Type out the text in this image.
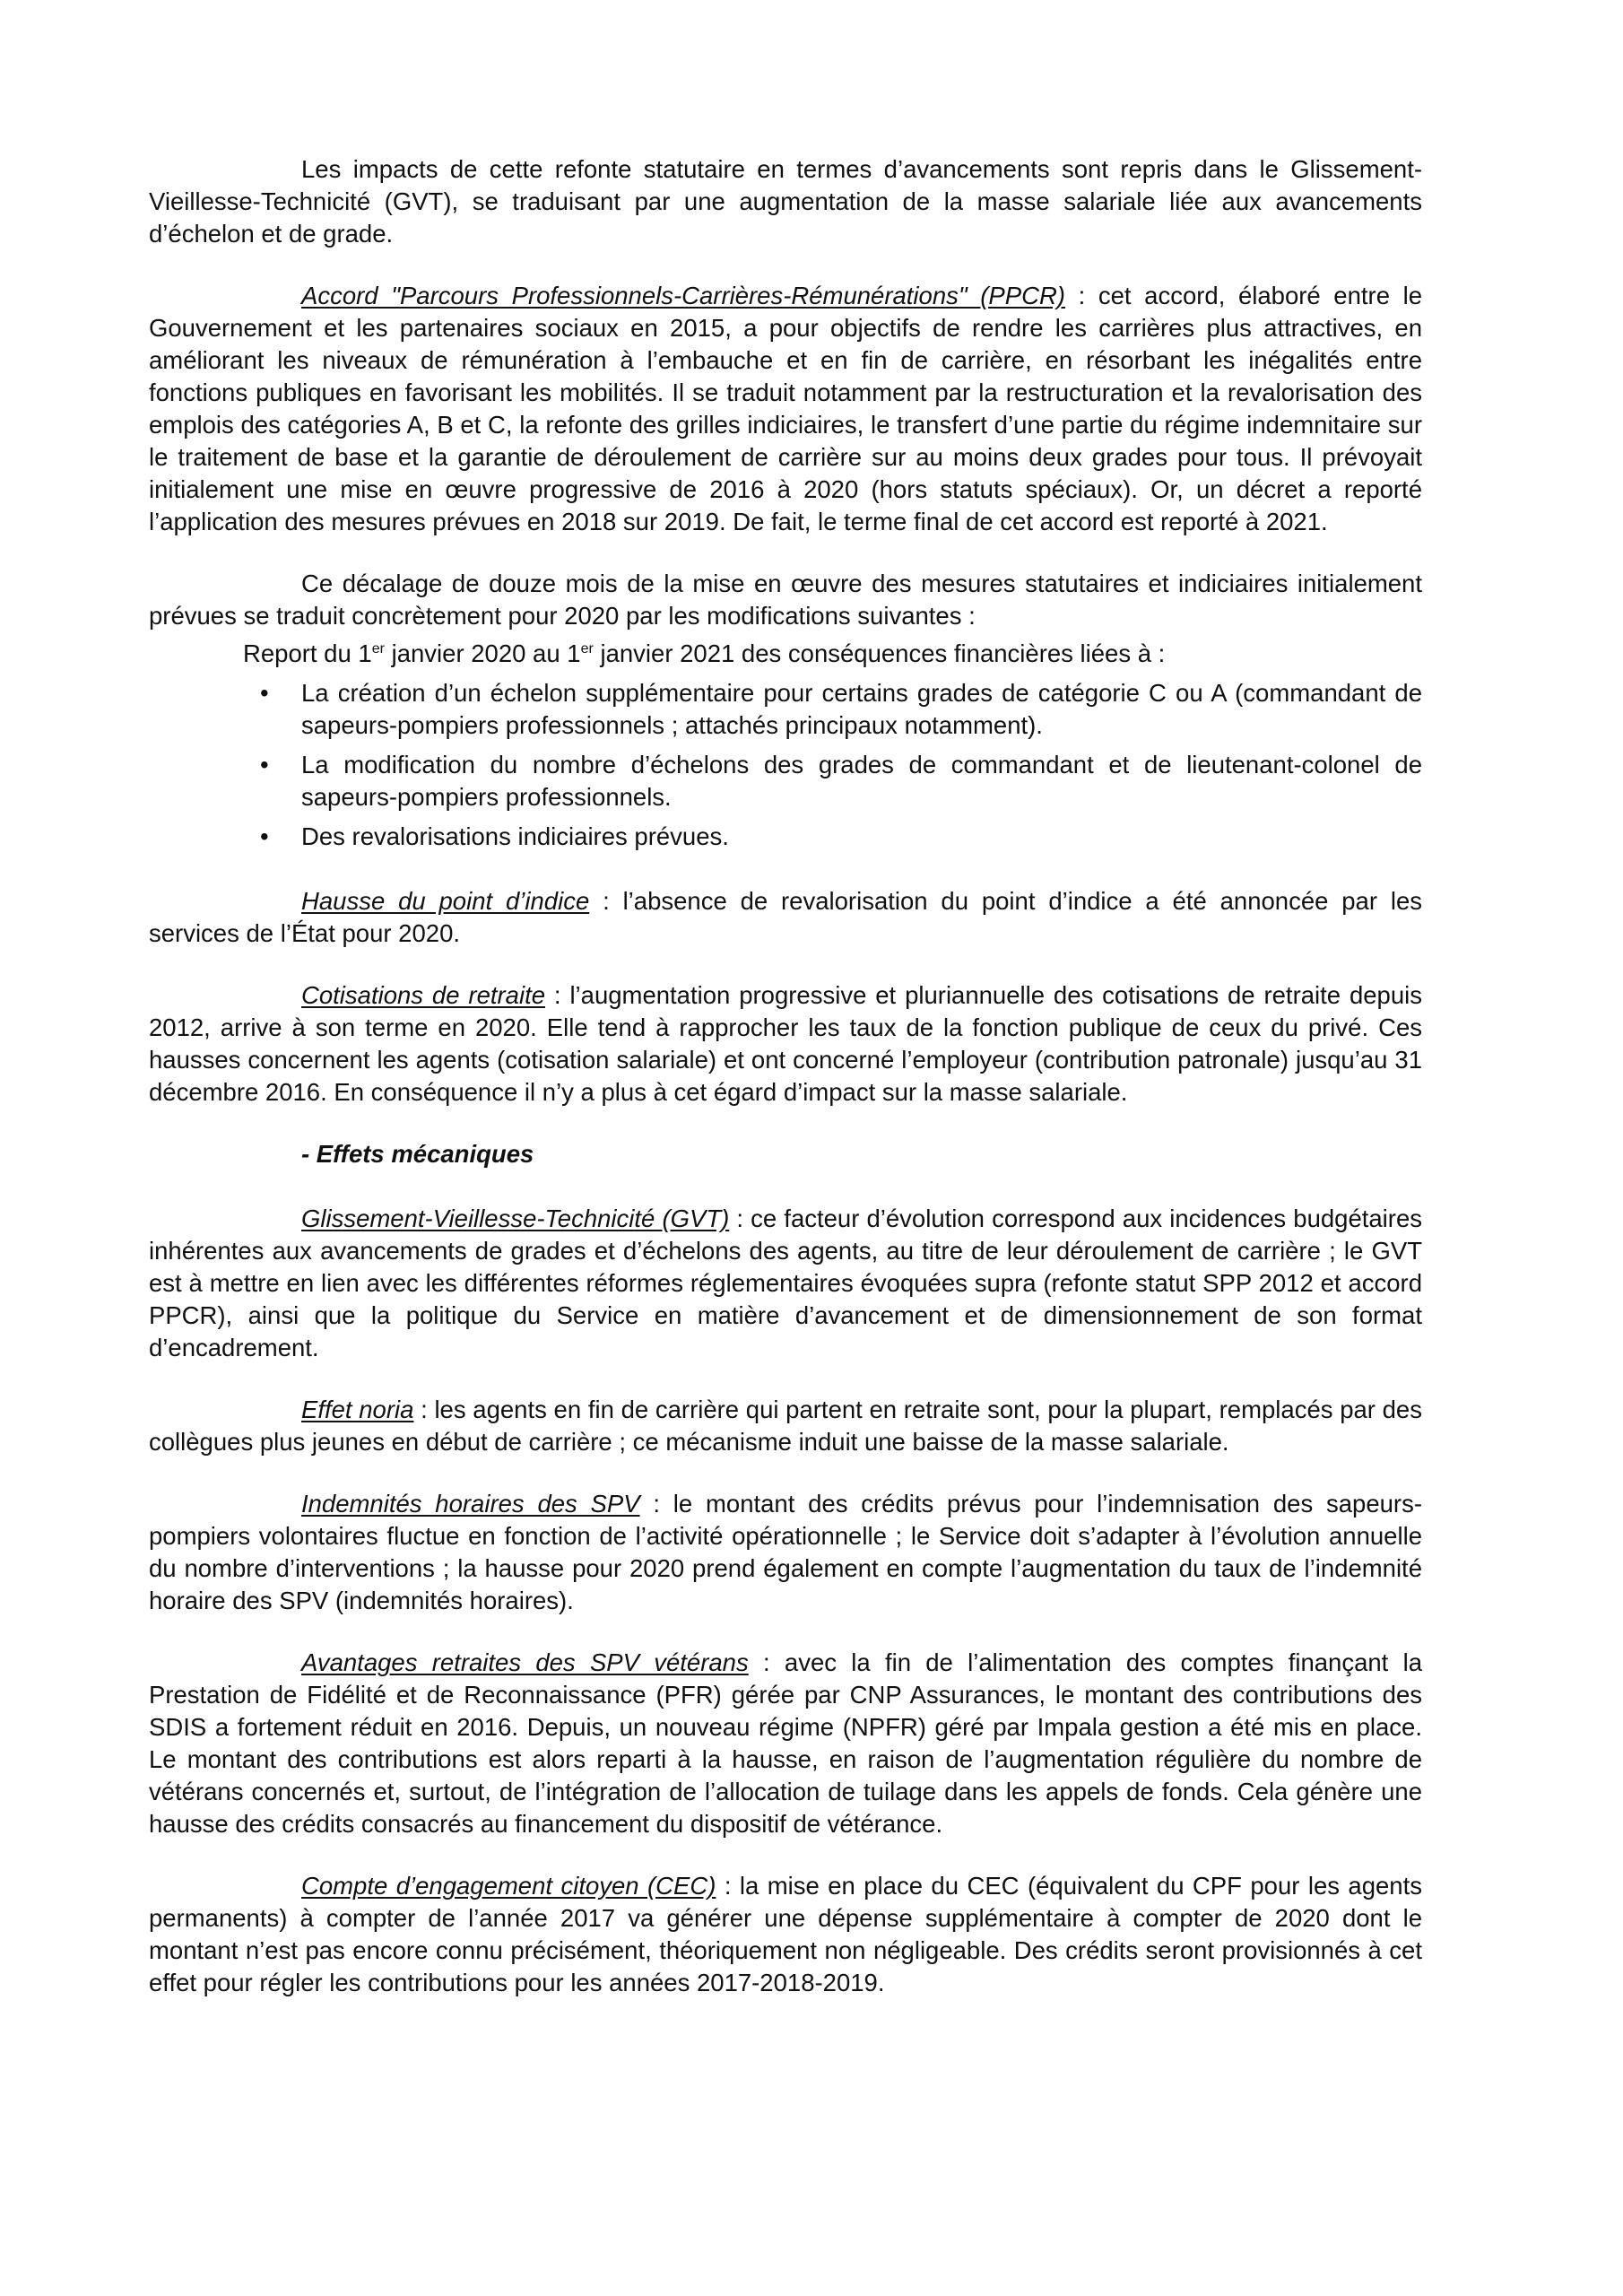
Les impacts de cette refonte statutaire en termes d’avancements sont repris dans le Glissement-Vieillesse-Technicité (GVT), se traduisant par une augmentation de la masse salariale liée aux avancements d’échelon et de grade.

Accord "Parcours Professionnels-Carrières-Rémunérations" (PPCR) : cet accord, élaboré entre le Gouvernement et les partenaires sociaux en 2015, a pour objectifs de rendre les carrières plus attractives, en améliorant les niveaux de rémunération à l’embauche et en fin de carrière, en résorbant les inégalités entre fonctions publiques en favorisant les mobilités. Il se traduit notamment par la restructuration et la revalorisation des emplois des catégories A, B et C, la refonte des grilles indiciaires, le transfert d’une partie du régime indemnitaire sur le traitement de base et la garantie de déroulement de carrière sur au moins deux grades pour tous. Il prévoyait initialement une mise en œuvre progressive de 2016 à 2020 (hors statuts spéciaux). Or, un décret a reporté l’application des mesures prévues en 2018 sur 2019. De fait, le terme final de cet accord est reporté à 2021.

Ce décalage de douze mois de la mise en œuvre des mesures statutaires et indiciaires initialement prévues se traduit concrètement pour 2020 par les modifications suivantes :

Report du 1er janvier 2020 au 1er janvier 2021 des conséquences financières liées à :

• La création d’un échelon supplémentaire pour certains grades de catégorie C ou A (commandant de sapeurs-pompiers professionnels ; attachés principaux notamment).
• La modification du nombre d’échelons des grades de commandant et de lieutenant-colonel de sapeurs-pompiers professionnels.
• Des revalorisations indiciaires prévues.

Hausse du point d’indice : l’absence de revalorisation du point d’indice a été annoncée par les services de l’État pour 2020.

Cotisations de retraite : l’augmentation progressive et pluriannuelle des cotisations de retraite depuis 2012, arrive à son terme en 2020. Elle tend à rapprocher les taux de la fonction publique de ceux du privé. Ces hausses concernent les agents (cotisation salariale) et ont concerné l’employeur (contribution patronale) jusqu’au 31 décembre 2016. En conséquence il n’y a plus à cet égard d’impact sur la masse salariale.

- Effets mécaniques

Glissement-Vieillesse-Technicité (GVT) : ce facteur d’évolution correspond aux incidences budgétaires inhérentes aux avancements de grades et d’échelons des agents, au titre de leur déroulement de carrière ; le GVT est à mettre en lien avec les différentes réformes réglementaires évoquées supra (refonte statut SPP 2012 et accord PPCR), ainsi que la politique du Service en matière d’avancement et de dimensionnement de son format d’encadrement.

Effet noria : les agents en fin de carrière qui partent en retraite sont, pour la plupart, remplacés par des collègues plus jeunes en début de carrière ; ce mécanisme induit une baisse de la masse salariale.

Indemnités horaires des SPV : le montant des crédits prévus pour l’indemnisation des sapeurs-pompiers volontaires fluctue en fonction de l’activité opérationnelle ; le Service doit s’adapter à l’évolution annuelle du nombre d’interventions ; la hausse pour 2020 prend également en compte l’augmentation du taux de l’indemnité horaire des SPV (indemnités horaires).

Avantages retraites des SPV vétérans : avec la fin de l’alimentation des comptes finançant la Prestation de Fidélité et de Reconnaissance (PFR) gérée par CNP Assurances, le montant des contributions des SDIS a fortement réduit en 2016. Depuis, un nouveau régime (NPFR) géré par Impala gestion a été mis en place. Le montant des contributions est alors reparti à la hausse, en raison de l’augmentation régulière du nombre de vétérans concernés et, surtout, de l’intégration de l’allocation de tuilage dans les appels de fonds. Cela génère une hausse des crédits consacrés au financement du dispositif de vétérance.

Compte d’engagement citoyen (CEC) : la mise en place du CEC (équivalent du CPF pour les agents permanents) à compter de l’année 2017 va générer une dépense supplémentaire à compter de 2020 dont le montant n’est pas encore connu précisément, théoriquement non négligeable. Des crédits seront provisionnés à cet effet pour régler les contributions pour les années 2017-2018-2019.
